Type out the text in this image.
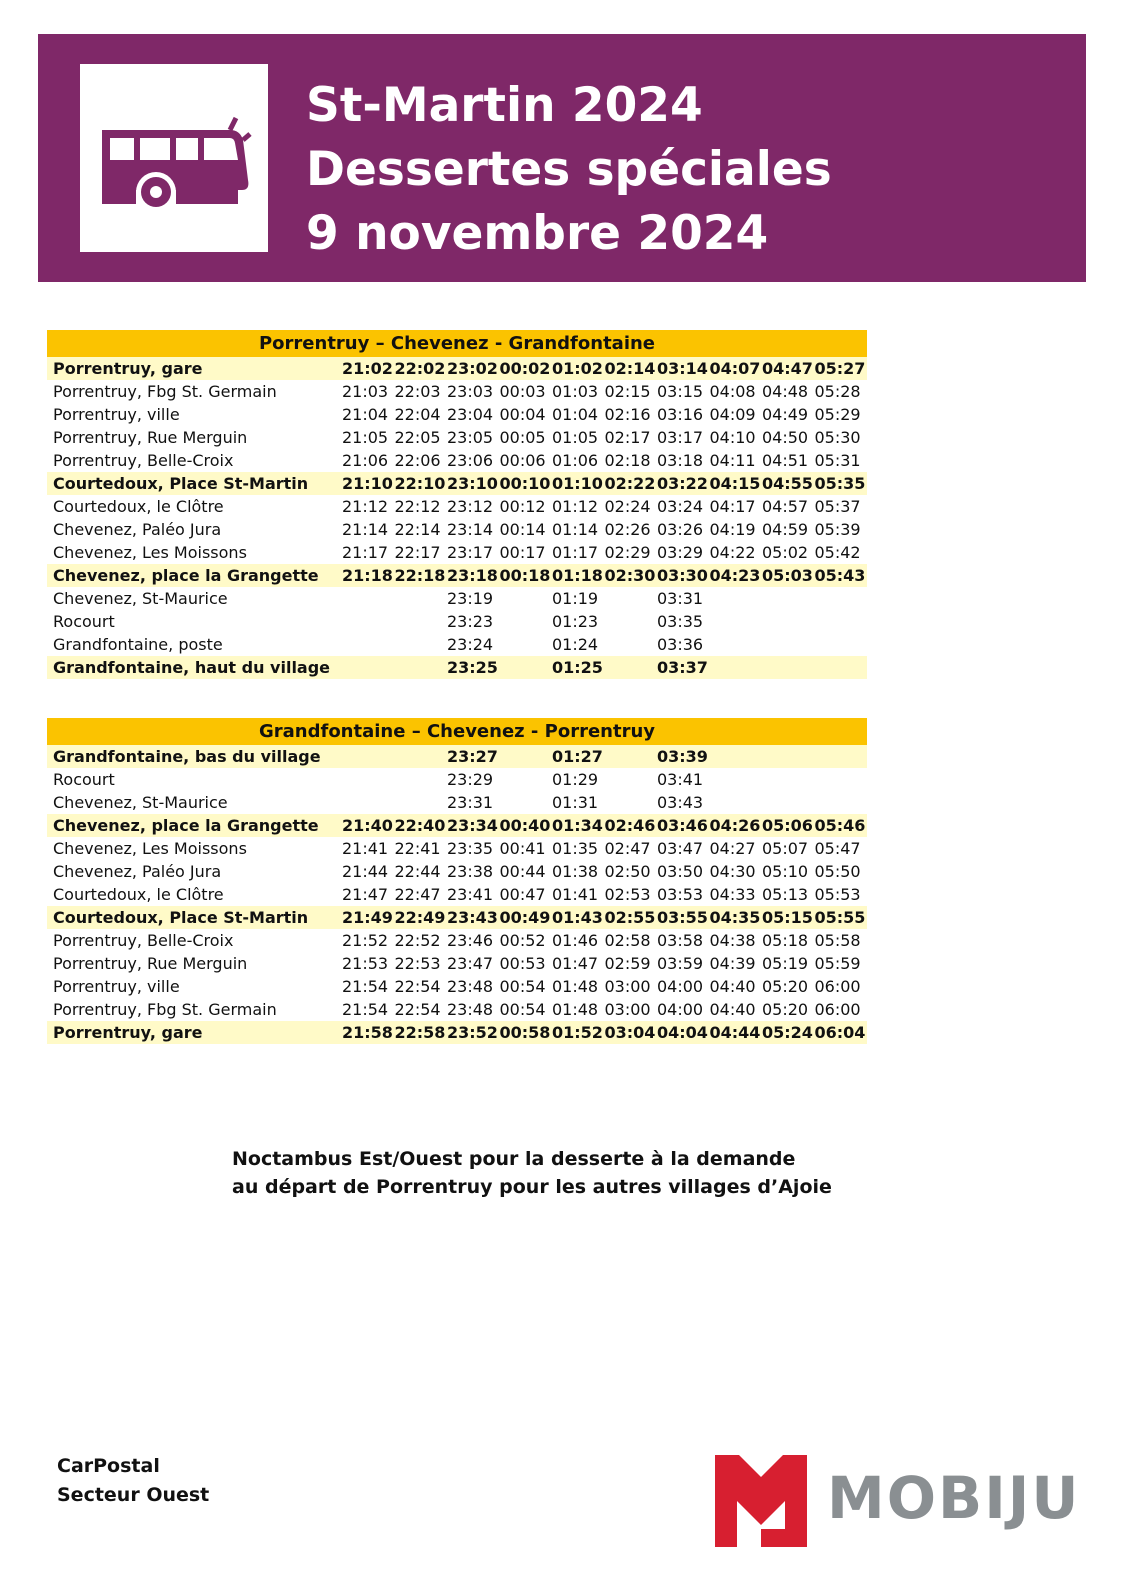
St-Martin 2024
Dessertes spéciales
9 novembre 2024
Porrentruy – Chevenez - Grandfontaine
Porrentruy, gare	21:02 22:02 23:02 00:02 01:02 02:14 03:14 04:07 04:47 05:27
Porrentruy, Fbg St. Germain	21:03 22:03 23:03 00:03 01:03 02:15 03:15 04:08 04:48 05:28
Porrentruy, ville	21:04 22:04 23:04 00:04 01:04 02:16 03:16 04:09 04:49 05:29
Porrentruy, Rue Merguin	21:05 22:05 23:05 00:05 01:05 02:17 03:17 04:10 04:50 05:30
Porrentruy, Belle-Croix	21:06 22:06 23:06 00:06 01:06 02:18 03:18 04:11 04:51 05:31
Courtedoux, Place St-Martin	21:10 22:10 23:10 00:10 01:10 02:22 03:22 04:15 04:55 05:35
Courtedoux, le Clôtre	21:12 22:12 23:12 00:12 01:12 02:24 03:24 04:17 04:57 05:37
Chevenez, Paléo Jura	21:14 22:14 23:14 00:14 01:14 02:26 03:26 04:19 04:59 05:39
Chevenez, Les Moissons	21:17 22:17 23:17 00:17 01:17 02:29 03:29 04:22 05:02 05:42
Chevenez, place la Grangette	21:18 22:18 23:18 00:18 01:18 02:30 03:30 04:23 05:03 05:43
Chevenez, St-Maurice	23:19	01:19	03:31
Rocourt	23:23	01:23	03:35
Grandfontaine, poste	23:24	01:24	03:36
Grandfontaine, haut du village	23:25	01:25	03:37
Grandfontaine – Chevenez - Porrentruy
Grandfontaine, bas du village	23:27	01:27	03:39
Rocourt	23:29	01:29	03:41
Chevenez, St-Maurice	23:31	01:31	03:43
Chevenez, place la Grangette	21:40 22:40 23:34 00:40 01:34 02:46 03:46 04:26 05:06 05:46
Chevenez, Les Moissons	21:41 22:41 23:35 00:41 01:35 02:47 03:47 04:27 05:07 05:47
Chevenez, Paléo Jura	21:44 22:44 23:38 00:44 01:38 02:50 03:50 04:30 05:10 05:50
Courtedoux, le Clôtre	21:47 22:47 23:41 00:47 01:41 02:53 03:53 04:33 05:13 05:53
Courtedoux, Place St-Martin	21:49 22:49 23:43 00:49 01:43 02:55 03:55 04:35 05:15 05:55
Porrentruy, Belle-Croix	21:52 22:52 23:46 00:52 01:46 02:58 03:58 04:38 05:18 05:58
Porrentruy, Rue Merguin	21:53 22:53 23:47 00:53 01:47 02:59 03:59 04:39 05:19 05:59
Porrentruy, ville	21:54 22:54 23:48 00:54 01:48 03:00 04:00 04:40 05:20 06:00
Porrentruy, Fbg St. Germain	21:54 22:54 23:48 00:54 01:48 03:00 04:00 04:40 05:20 06:00
Porrentruy, gare	21:58 22:58 23:52 00:58 01:52 03:04 04:04 04:44 05:24 06:04
Noctambus Est/Ouest pour la desserte à la demande
au départ de Porrentruy pour les autres villages d’Ajoie
CarPostal
Secteur Ouest	MOBIJU
